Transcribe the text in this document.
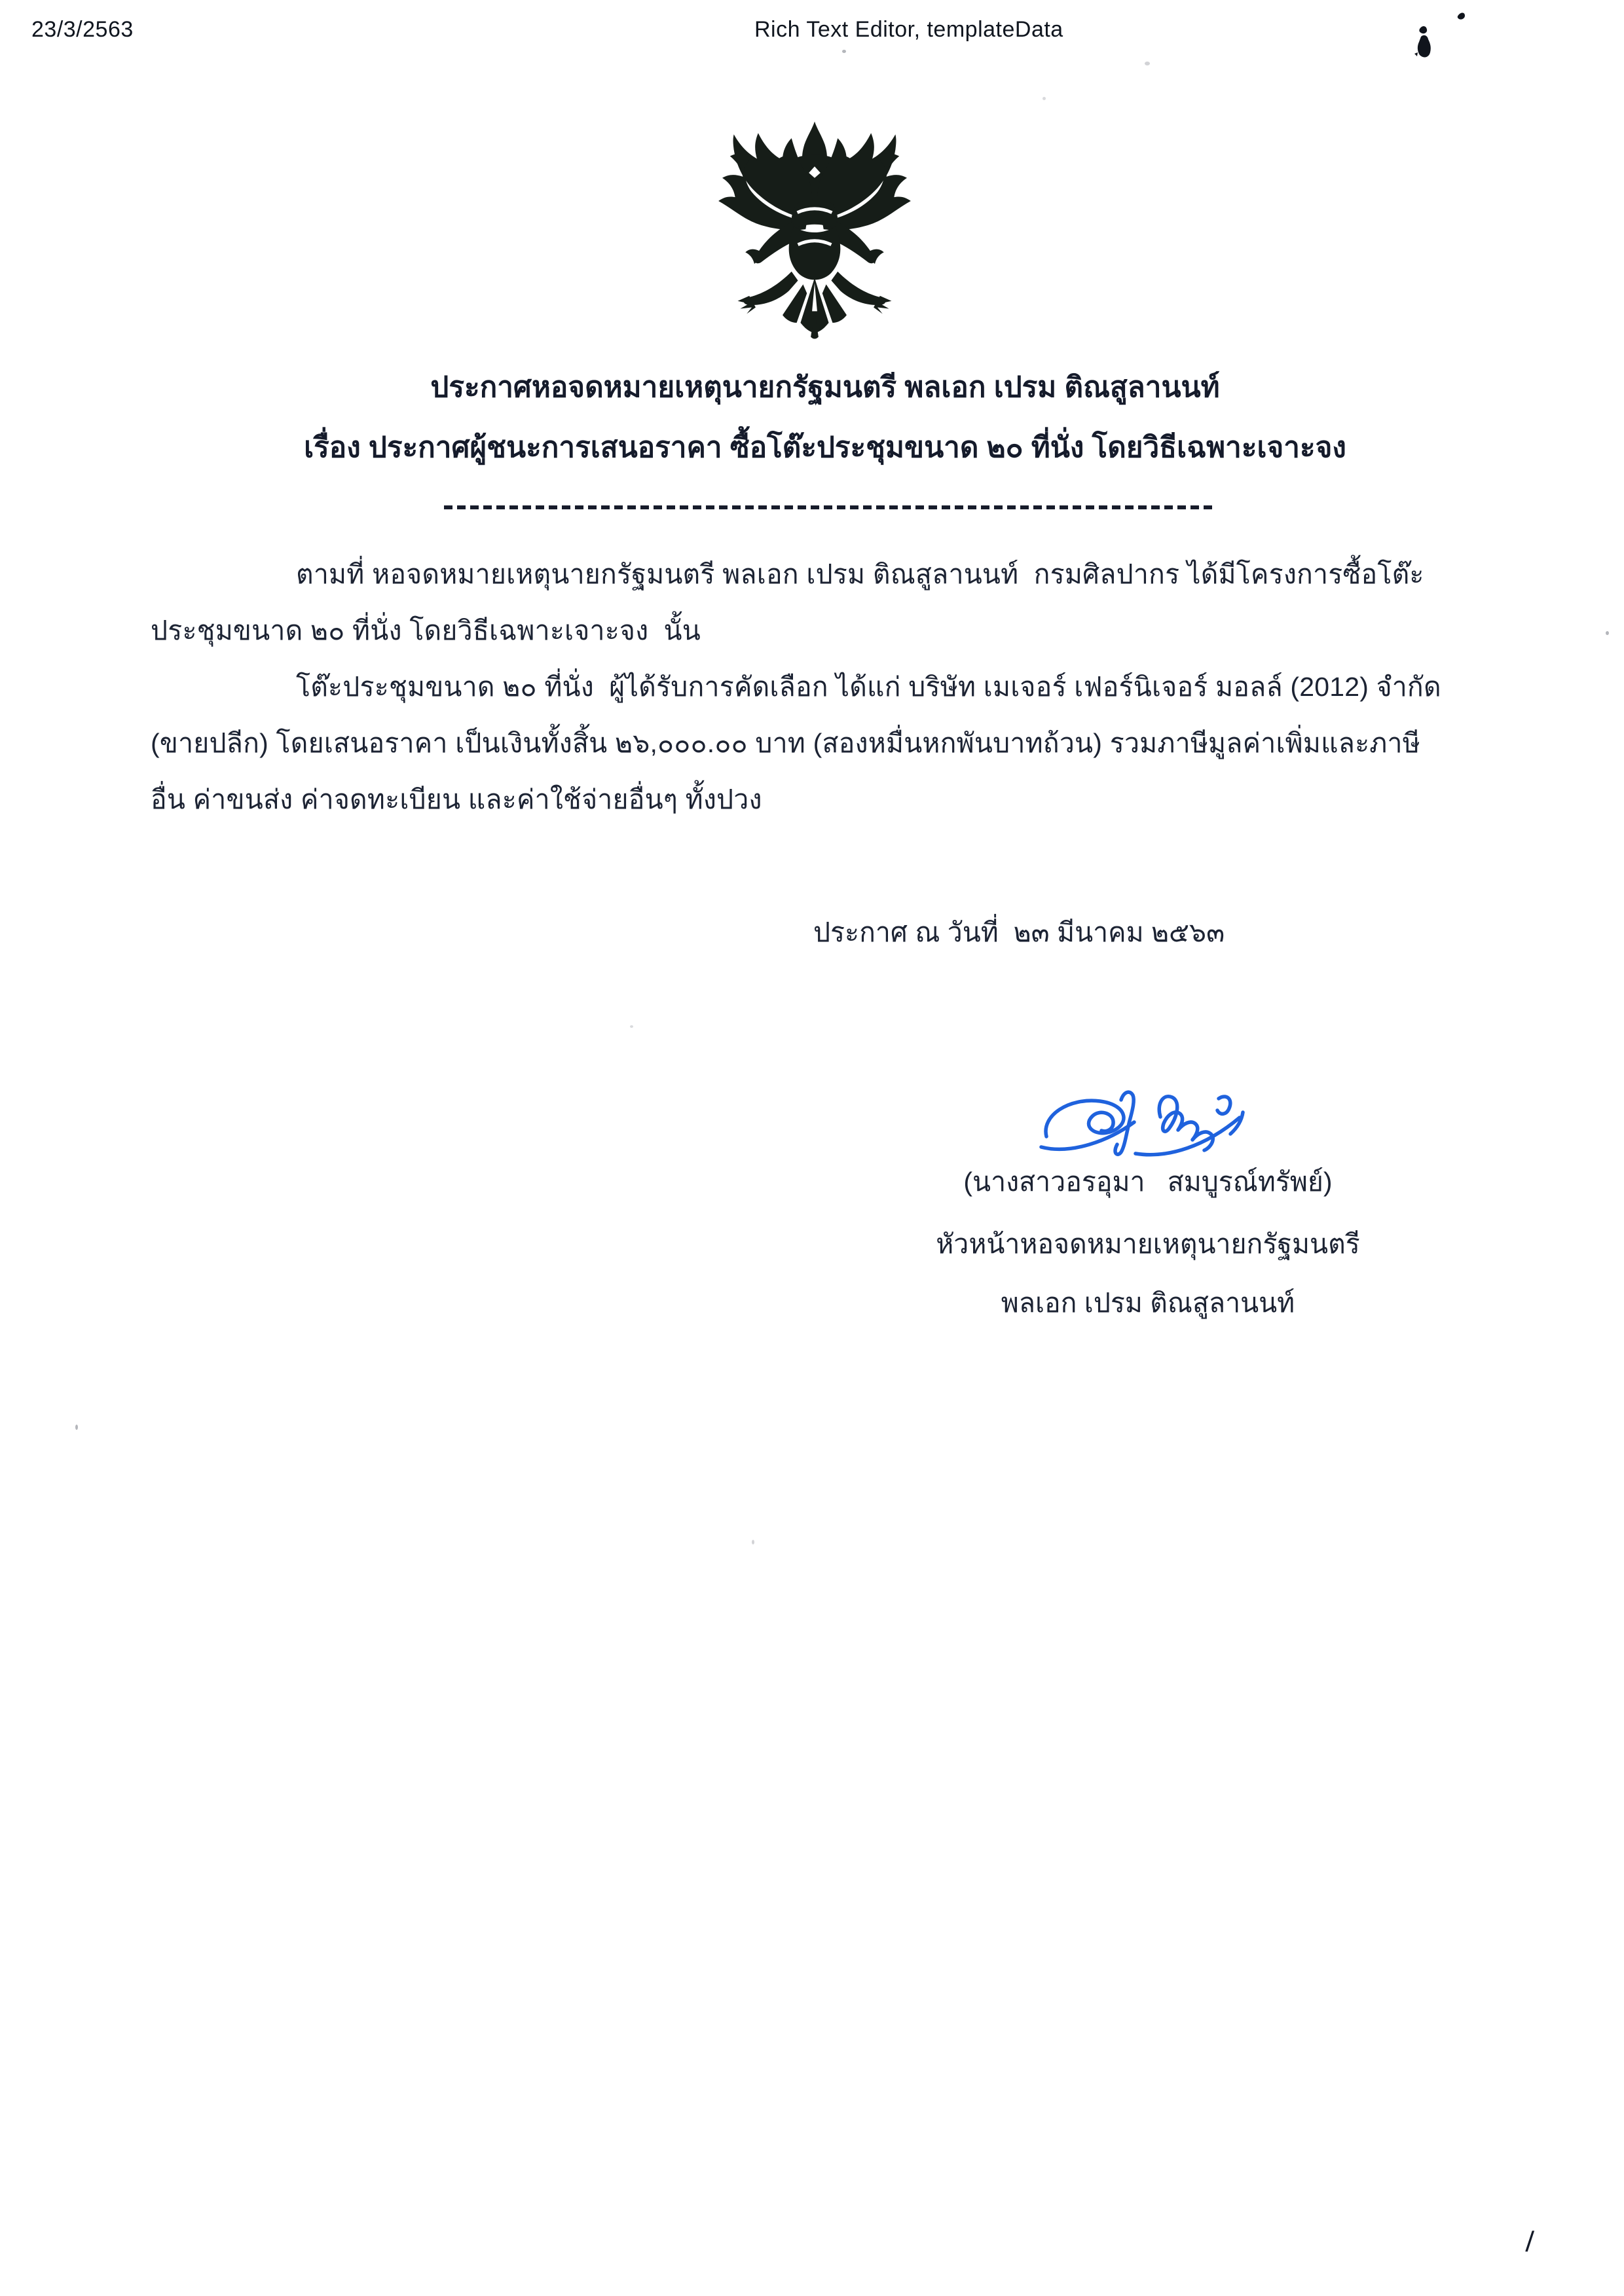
23/3/2563	Rich Text Editor, templateData
ประกาศหอจดหมายเหตุนายกรัฐมนตรี พลเอก เปรม ติณสูลานนท์
เรื่อง ประกาศผู้ชนะการเสนอราคา ซื้อโต๊ะประชุมขนาด ๒๐ ที่นั่ง โดยวิธีเฉพาะเจาะจง
ตามที่ หอจดหมายเหตุนายกรัฐมนตรี พลเอก เปรม ติณสูลานนท์  กรมศิลปากร ได้มีโครงการซื้อโต๊ะ
ประชุมขนาด ๒๐ ที่นั่ง โดยวิธีเฉพาะเจาะจง  นั้น
โต๊ะประชุมขนาด ๒๐ ที่นั่ง  ผู้ได้รับการคัดเลือก ได้แก่ บริษัท เมเจอร์ เฟอร์นิเจอร์ มอลล์ (2012) จำกัด
(ขายปลีก) โดยเสนอราคา เป็นเงินทั้งสิ้น ๒๖,๐๐๐.๐๐ บาท (สองหมื่นหกพันบาทถ้วน) รวมภาษีมูลค่าเพิ่มและภาษี
อื่น ค่าขนส่ง ค่าจดทะเบียน และค่าใช้จ่ายอื่นๆ ทั้งปวง
ประกาศ ณ วันที่  ๒๓ มีนาคม ๒๕๖๓
(นางสาวอรอุมา   สมบูรณ์ทรัพย์)
หัวหน้าหอจดหมายเหตุนายกรัฐมนตรี
พลเอก เปรม ติณสูลานนท์
/
